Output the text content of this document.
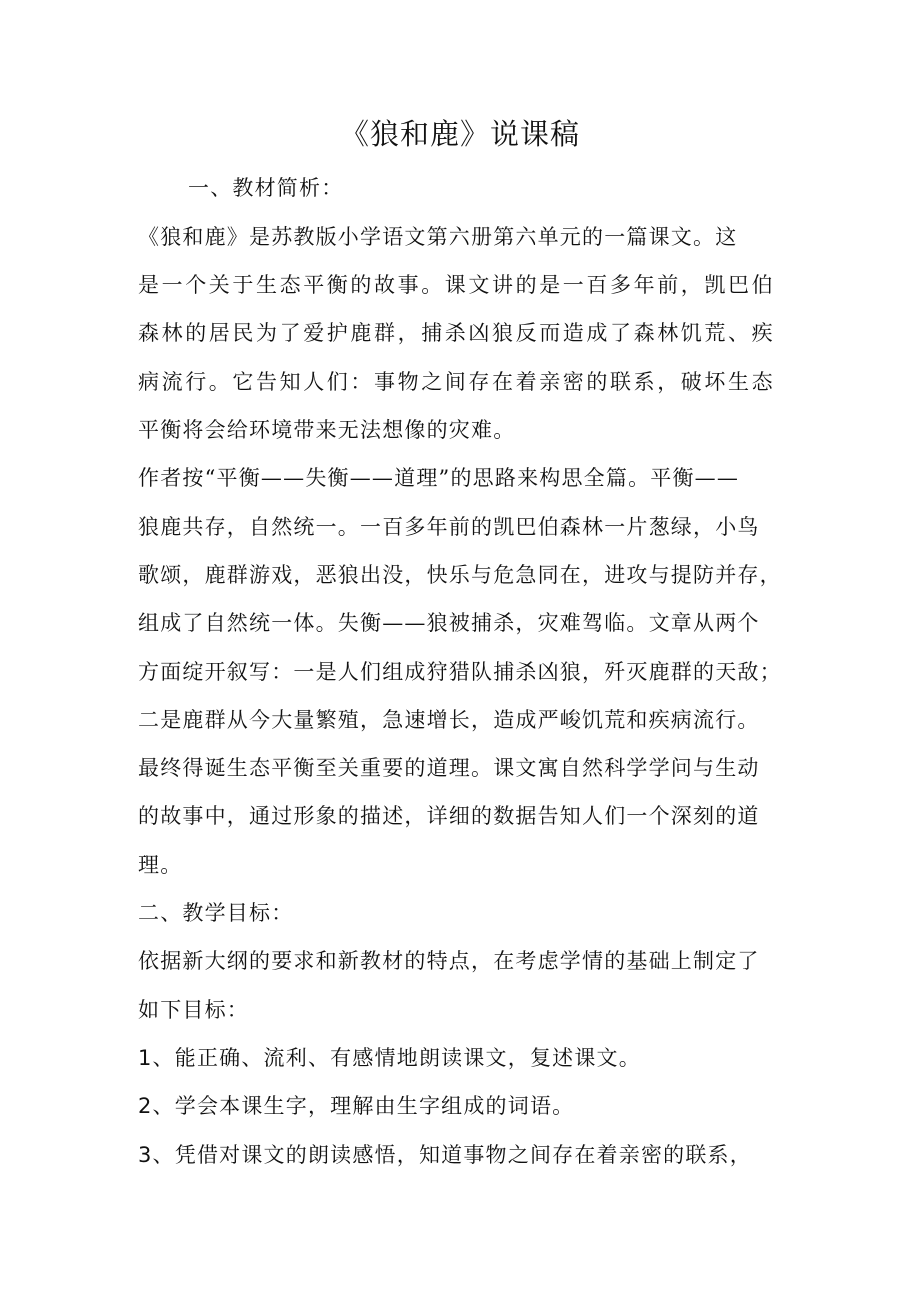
《狼和鹿》说课稿
一、教材简析：
《狼和鹿》是苏教版小学语文第六册第六单元的一篇课文。这
是一个关于生态平衡的故事。课文讲的是一百多年前，凯巴伯
森林的居民为了爱护鹿群，捕杀凶狼反而造成了森林饥荒、疾
病流行。它告知人们：事物之间存在着亲密的联系，破坏生态
平衡将会给环境带来无法想像的灾难。
作者按“平衡——失衡——道理”的思路来构思全篇。平衡——
狼鹿共存，自然统一。一百多年前的凯巴伯森林一片葱绿，小鸟
歌颂，鹿群游戏，恶狼出没，快乐与危急同在，进攻与提防并存，
组成了自然统一体。失衡——狼被捕杀，灾难驾临。文章从两个
方面绽开叙写：一是人们组成狩猎队捕杀凶狼，歼灭鹿群的天敌；
二是鹿群从今大量繁殖，急速增长，造成严峻饥荒和疾病流行。
最终得诞生态平衡至关重要的道理。课文寓自然科学学问与生动
的故事中，通过形象的描述，详细的数据告知人们一个深刻的道
理。
二、教学目标：
依据新大纲的要求和新教材的特点，在考虑学情的基础上制定了
如下目标：
1、能正确、流利、有感情地朗读课文，复述课文。
2、学会本课生字，理解由生字组成的词语。
3、凭借对课文的朗读感悟，知道事物之间存在着亲密的联系，
